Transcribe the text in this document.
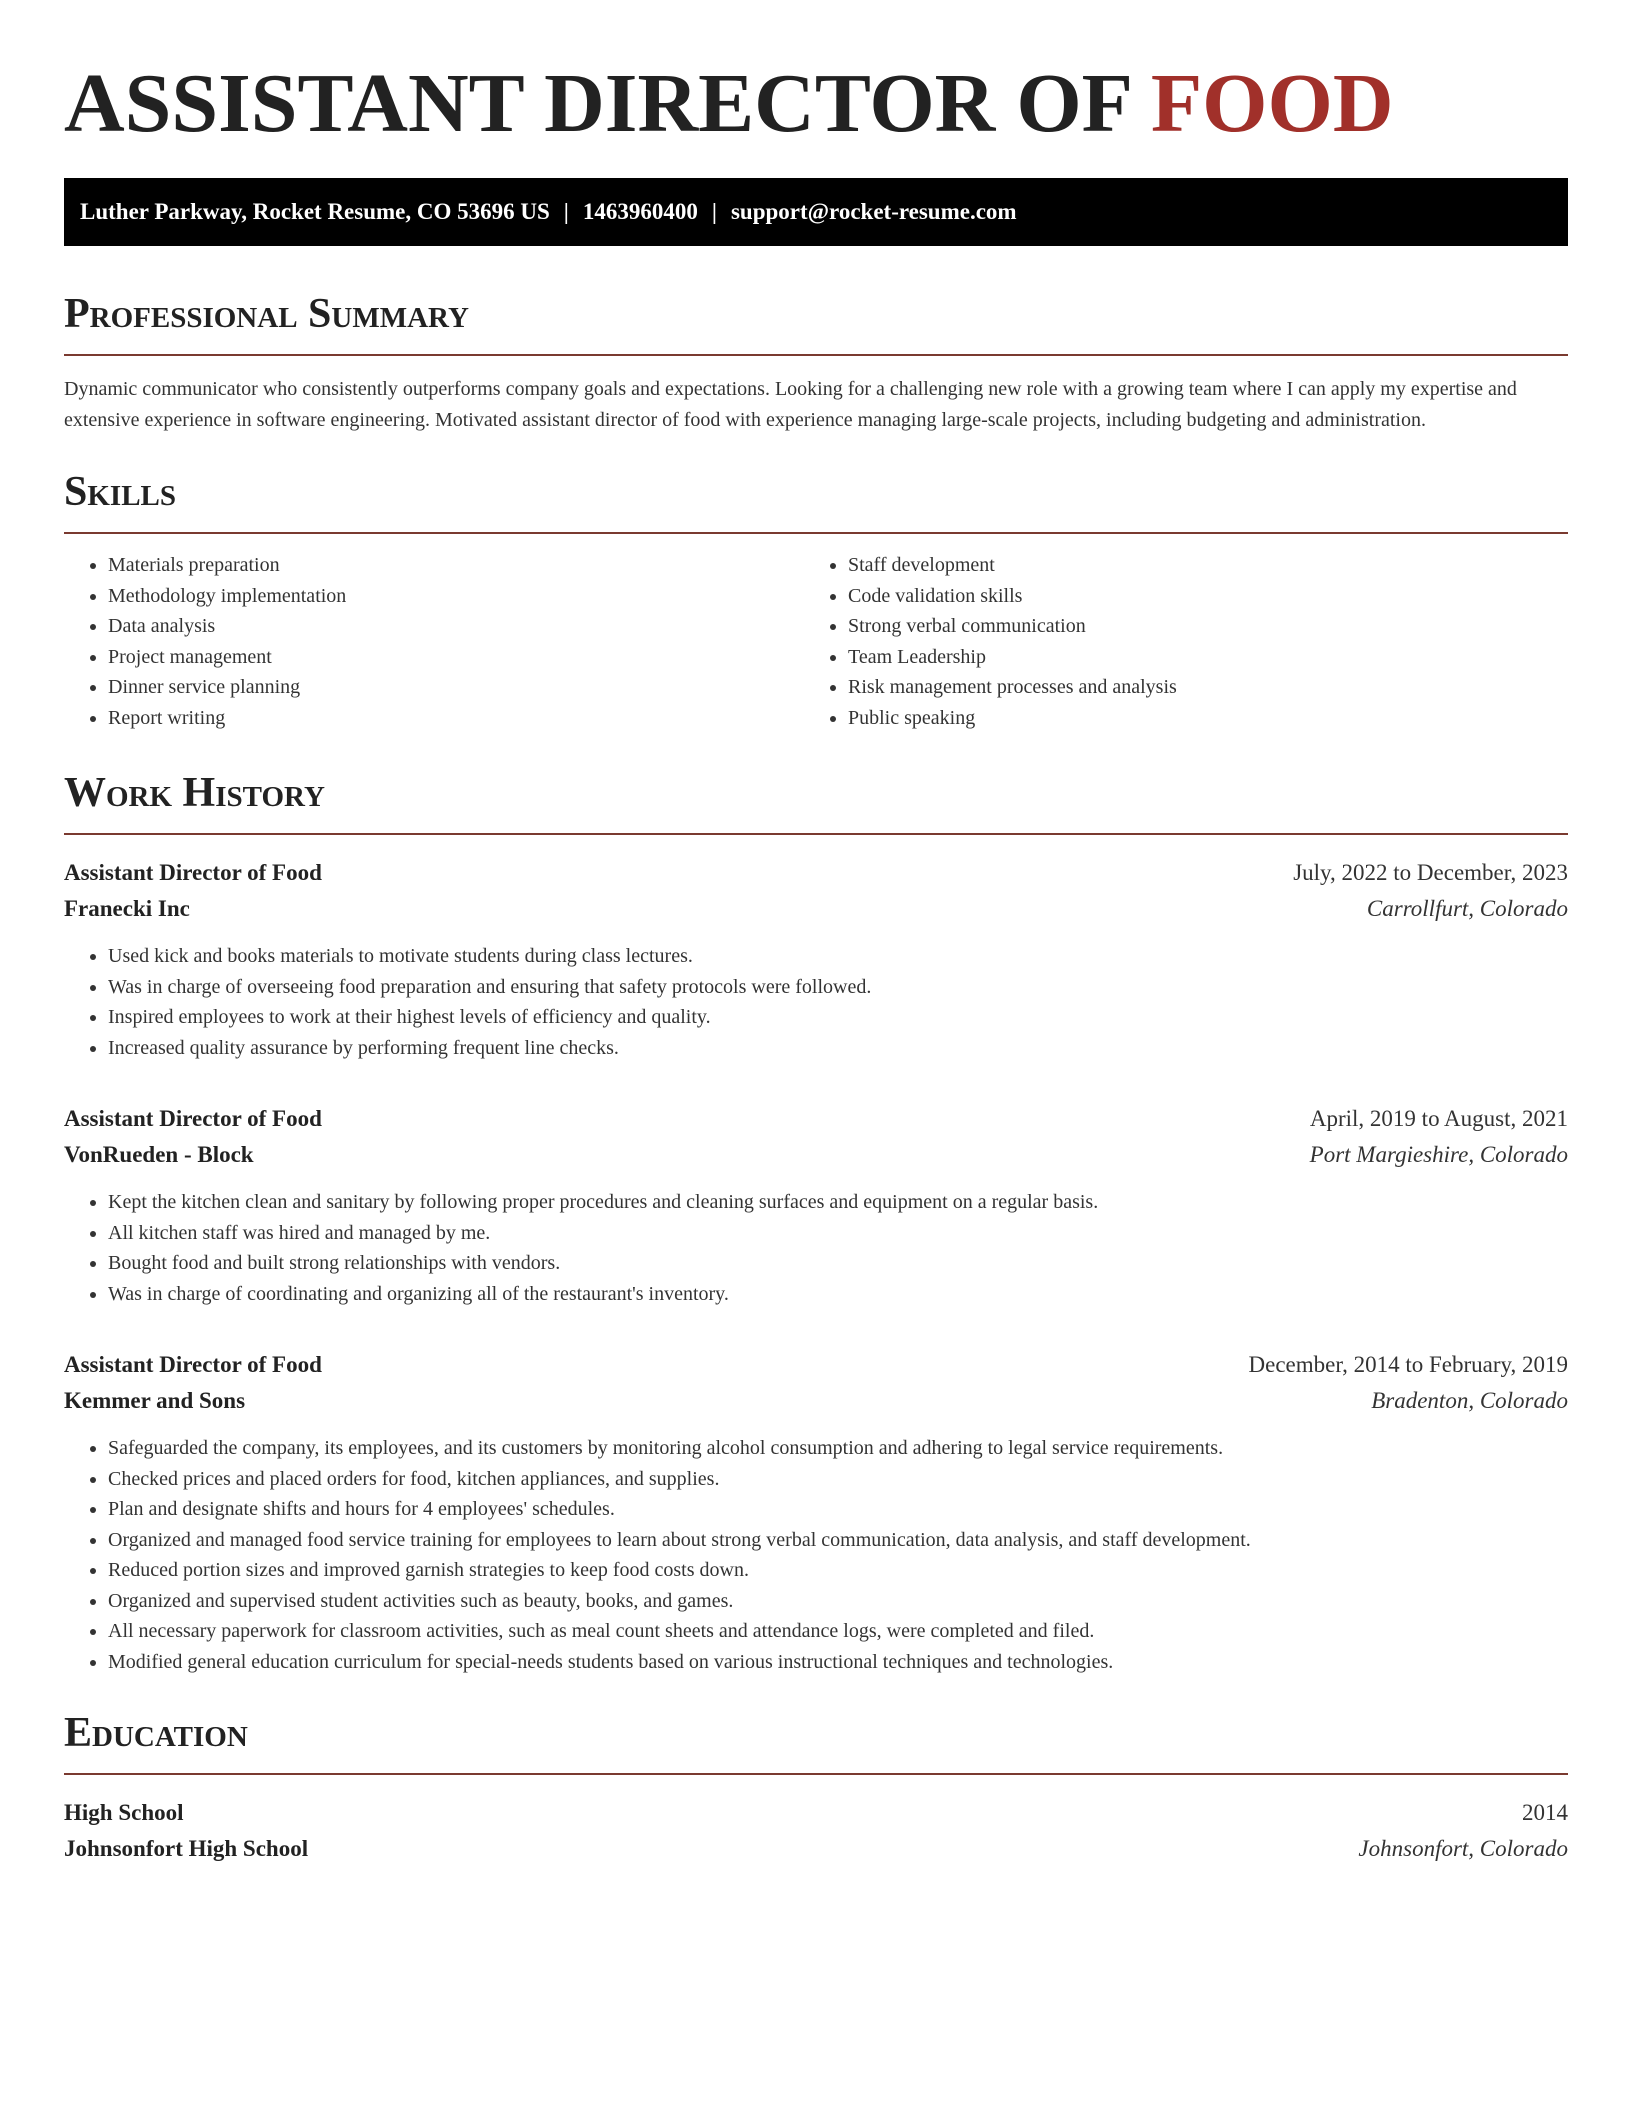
ASSISTANT DIRECTOR OF FOOD
Luther Parkway, Rocket Resume, CO 53696 US | 1463960400 | support@rocket-resume.com
Professional Summary

Dynamic communicator who consistently outperforms company goals and expectations. Looking for a challenging new role with a growing team where I can apply my expertise and extensive experience in software engineering. Motivated assistant director of food with experience managing large-scale projects, including budgeting and administration.

Skills
• Materials preparation
• Methodology implementation
• Data analysis
• Project management
• Dinner service planning
• Report writing
• Staff development
• Code validation skills
• Strong verbal communication
• Team Leadership
• Risk management processes and analysis
• Public speaking
Work History
Assistant Director of Food	July, 2022 to December, 2023
Franecki Inc	Carrollfurt, Colorado
• Used kick and books materials to motivate students during class lectures.
• Was in charge of overseeing food preparation and ensuring that safety protocols were followed.
• Inspired employees to work at their highest levels of efficiency and quality.
• Increased quality assurance by performing frequent line checks.
Assistant Director of Food	April, 2019 to August, 2021
VonRueden - Block	Port Margieshire, Colorado
• Kept the kitchen clean and sanitary by following proper procedures and cleaning surfaces and equipment on a regular basis.
• All kitchen staff was hired and managed by me.
• Bought food and built strong relationships with vendors.
• Was in charge of coordinating and organizing all of the restaurant's inventory.
Assistant Director of Food	December, 2014 to February, 2019
Kemmer and Sons	Bradenton, Colorado
• Safeguarded the company, its employees, and its customers by monitoring alcohol consumption and adhering to legal service requirements.
• Checked prices and placed orders for food, kitchen appliances, and supplies.
• Plan and designate shifts and hours for 4 employees' schedules.
• Organized and managed food service training for employees to learn about strong verbal communication, data analysis, and staff development.
• Reduced portion sizes and improved garnish strategies to keep food costs down.
• Organized and supervised student activities such as beauty, books, and games.
• All necessary paperwork for classroom activities, such as meal count sheets and attendance logs, were completed and filed.
• Modified general education curriculum for special-needs students based on various instructional techniques and technologies.
Education
High School	2014
Johnsonfort High School	Johnsonfort, Colorado
